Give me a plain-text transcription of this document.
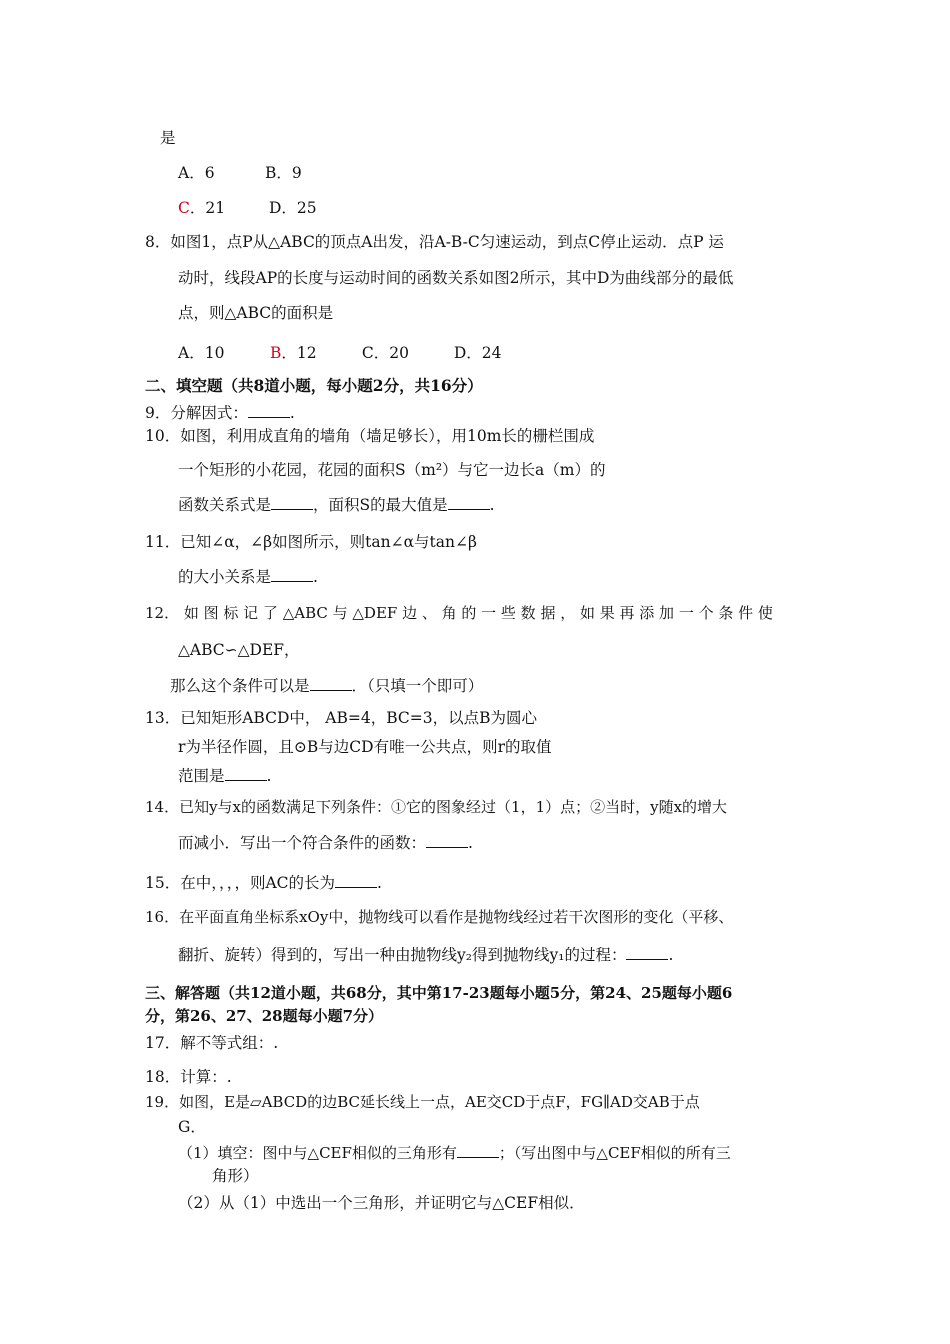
是
A．6	B．9
C．21	D．25
8．如图1，点P从△ABC的顶点A出发，沿A-B-C匀速运动，到点C停止运动．点P 运
动时，线段AP的长度与运动时间的函数关系如图2所示，其中D为曲线部分的最低
点，则△ABC的面积是
A．10	B．12	C．20	D．24
二、填空题（共8道小题，每小题2分，共16分）
9．分解因式：	.
10．如图，利用成直角的墙角（墙足够长），用10m长的栅栏围成
一个矩形的小花园，花园的面积S（m²）与它一边长a（m）的
函数关系式是	，面积S的最大值是	.
11．已知∠α，∠β如图所示，则tan∠α与tan∠β
的大小关系是	.
12． 如 图 标 记 了 △ABC 与 △DEF 边 、 角 的 一 些 数 据 ， 如 果 再 添 加 一 个 条 件 使
△ABC∽△DEF，
那么这个条件可以是	．（只填一个即可）
13．已知矩形ABCD中， AB=4，BC=3，以点B为圆心
r为半径作圆，且⊙B与边CD有唯一公共点，则r的取值
范围是	.
14．已知y与x的函数满足下列条件：①它的图象经过（1，1）点；②当时，y随x的增大
而减小．写出一个符合条件的函数：	.
15．在中，，，，则AC的长为	.
16．在平面直角坐标系xOy中，抛物线可以看作是抛物线经过若干次图形的变化（平移、
翻折、旋转）得到的，写出一种由抛物线y₂得到抛物线y₁的过程：	.
三、解答题（共12道小题，共68分，其中第17-23题每小题5分，第24、25题每小题6
分，第26、27、28题每小题7分）
17．解不等式组：.
18．计算：.
19．如图，E是▱ABCD的边BC延长线上一点，AE交CD于点F，FG∥AD交AB于点
G．
（1）填空：图中与△CEF相似的三角形有	；（写出图中与△CEF相似的所有三
角形）
（2）从（1）中选出一个三角形，并证明它与△CEF相似．
